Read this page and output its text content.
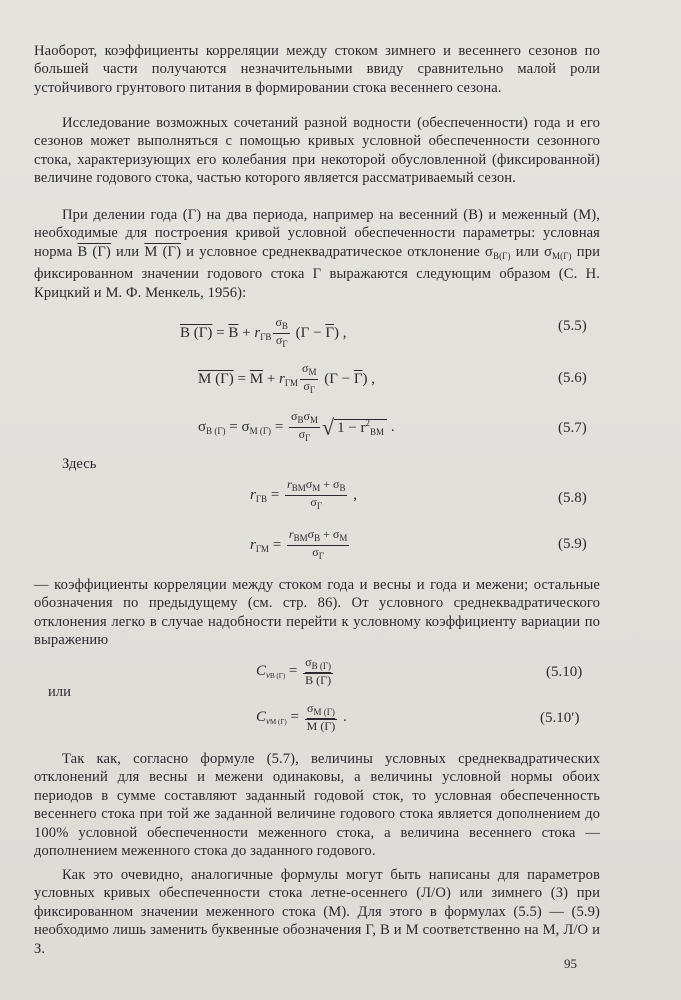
Наоборот, коэффициенты корреляции между стоком зимнего и весеннего сезонов по большей части получаются незначительными ввиду сравнительно малой роли устойчивого грунтового питания в формировании стока весеннего сезона.

Исследование возможных сочетаний разной водности (обеспеченности) года и его сезонов может выполняться с помощью кривых условной обеспеченности сезонного стока, характеризующих его колебания при некоторой обусловленной (фиксированной) величине годового стока, частью которого является рассматриваемый сезон.

При делении года (Г) на два периода, например на весенний (В) и меженный (М), необходимые для построения кривой условной обеспеченности параметры: условная норма В (Г) или М (Г) и условное среднеквадратическое отклонение $\sigma_{В(Г)}$ или $\sigma_{М(Г)}$ при фиксированном значении годового стока Г выражаются следующим образом (С. Н. Крицкий и М. Ф. Менкель, 1956):

В $(Г) = В + r_{ГВ} \frac{\sigma_В}{\sigma_Г} (Г - Г)$ ,	(5.5)
М $(Г) = М + r_{ГМ} \frac{\sigma_М}{\sigma_Г} (Г - Г)$ ,	(5.6)
$\sigma_{В (Г)} = \sigma_{М (Г)} = \frac{\sigma_В\sigma_М}{\sigma_Г}$ √ $1 - r^2_{ВМ}$ .	(5.7)
Здесь
$r_{ГВ} = \frac{r_{ВМ}\sigma_М + \sigma_В}{\sigma_Г}$ ,	(5.8)
$r_{ГМ} = \frac{r_{ВМ}\sigma_В + \sigma_М}{\sigma_Г}$	(5.9)

— коэффициенты корреляции между стоком года и весны и года и межени; остальные обозначения по предыдущему (см. стр. 86). От условного среднеквадратического отклонения легко в случае надобности перейти к условному коэффициенту вариации по выражению

$C_{vВ (Г)} = \frac{\sigma_{В (Г)}}{В (Г)}$	(5.10)
или
$C_{vМ (Г)} = \frac{\sigma_{М (Г)}}{М (Г)}$ .	(5.10′)

Так как, согласно формуле (5.7), величины условных среднеквадратических отклонений для весны и межени одинаковы, а величины условной нормы обоих периодов в сумме составляют заданный годовой сток, то условная обеспеченность весеннего стока при той же заданной величине годового стока является дополнением до 100% условной обеспеченности меженного стока, а величина весеннего стока — дополнением меженного стока до заданного годового.

Как это очевидно, аналогичные формулы могут быть написаны для параметров условных кривых обеспеченности стока летне-осеннего (Л/О) или зимнего (З) при фиксированном значении меженного стока (М). Для этого в формулах (5.5) — (5.9) необходимо лишь заменить буквенные обозначения Г, В и М соответственно на М, Л/О и З.

95
